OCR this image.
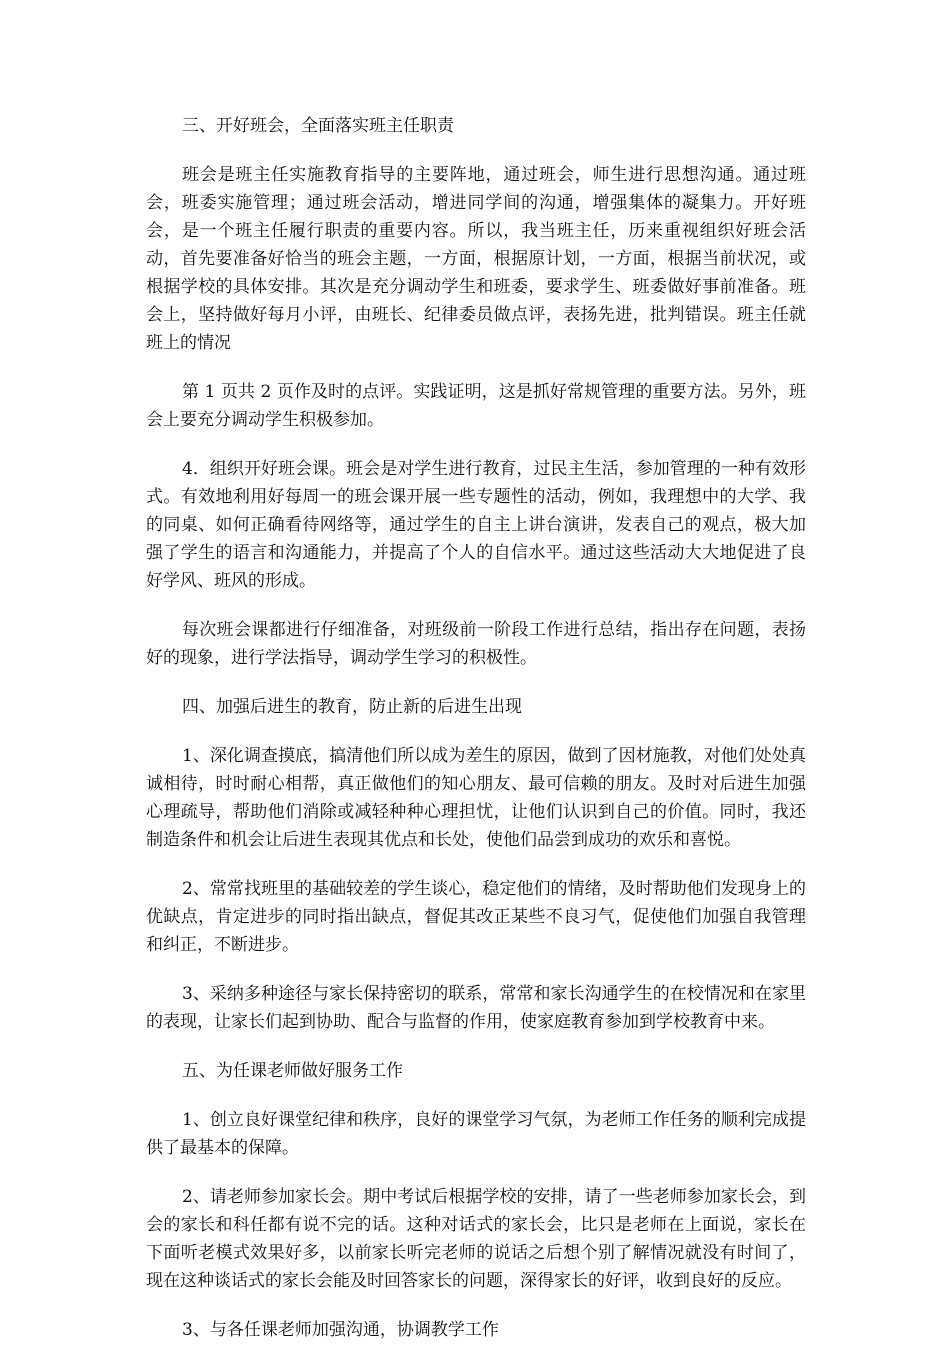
三、开好班会，全面落实班主任职责

班会是班主任实施教育指导的主要阵地，通过班会，师生进行思想沟通。通过班会，班委实施管理；通过班会活动，增进同学间的沟通，增强集体的凝集力。开好班会，是一个班主任履行职责的重要内容。所以，我当班主任，历来重视组织好班会活动，首先要准备好恰当的班会主题，一方面，根据原计划，一方面，根据当前状况，或根据学校的具体安排。其次是充分调动学生和班委，要求学生、班委做好事前准备。班会上，坚持做好每月小评，由班长、纪律委员做点评，表扬先进，批判错误。班主任就班上的情况

第 1 页共 2 页作及时的点评。实践证明，这是抓好常规管理的重要方法。另外，班会上要充分调动学生积极参加。

4．组织开好班会课。班会是对学生进行教育，过民主生活，参加管理的一种有效形式。有效地利用好每周一的班会课开展一些专题性的活动，例如，我理想中的大学、我的同桌、如何正确看待网络等，通过学生的自主上讲台演讲，发表自己的观点，极大加强了学生的语言和沟通能力，并提高了个人的自信水平。通过这些活动大大地促进了良好学风、班风的形成。

每次班会课都进行仔细准备，对班级前一阶段工作进行总结，指出存在问题，表扬好的现象，进行学法指导，调动学生学习的积极性。

四、加强后进生的教育，防止新的后进生出现

1、深化调查摸底，搞清他们所以成为差生的原因，做到了因材施教，对他们处处真诚相待，时时耐心相帮，真正做他们的知心朋友、最可信赖的朋友。及时对后进生加强心理疏导，帮助他们消除或减轻种种心理担忧，让他们认识到自己的价值。同时，我还制造条件和机会让后进生表现其优点和长处，使他们品尝到成功的欢乐和喜悦。

2、常常找班里的基础较差的学生谈心，稳定他们的情绪，及时帮助他们发现身上的优缺点，肯定进步的同时指出缺点，督促其改正某些不良习气，促使他们加强自我管理和纠正，不断进步。

3、采纳多种途径与家长保持密切的联系，常常和家长沟通学生的在校情况和在家里的表现，让家长们起到协助、配合与监督的作用，使家庭教育参加到学校教育中来。

五、为任课老师做好服务工作

1、创立良好课堂纪律和秩序，良好的课堂学习气氛，为老师工作任务的顺利完成提供了最基本的保障。

2、请老师参加家长会。期中考试后根据学校的安排，请了一些老师参加家长会，到会的家长和科任都有说不完的话。这种对话式的家长会，比只是老师在上面说，家长在下面听老模式效果好多，以前家长听完老师的说话之后想个别了解情况就没有时间了，现在这种谈话式的家长会能及时回答家长的问题，深得家长的好评，收到良好的反应。

3、与各任课老师加强沟通，协调教学工作
